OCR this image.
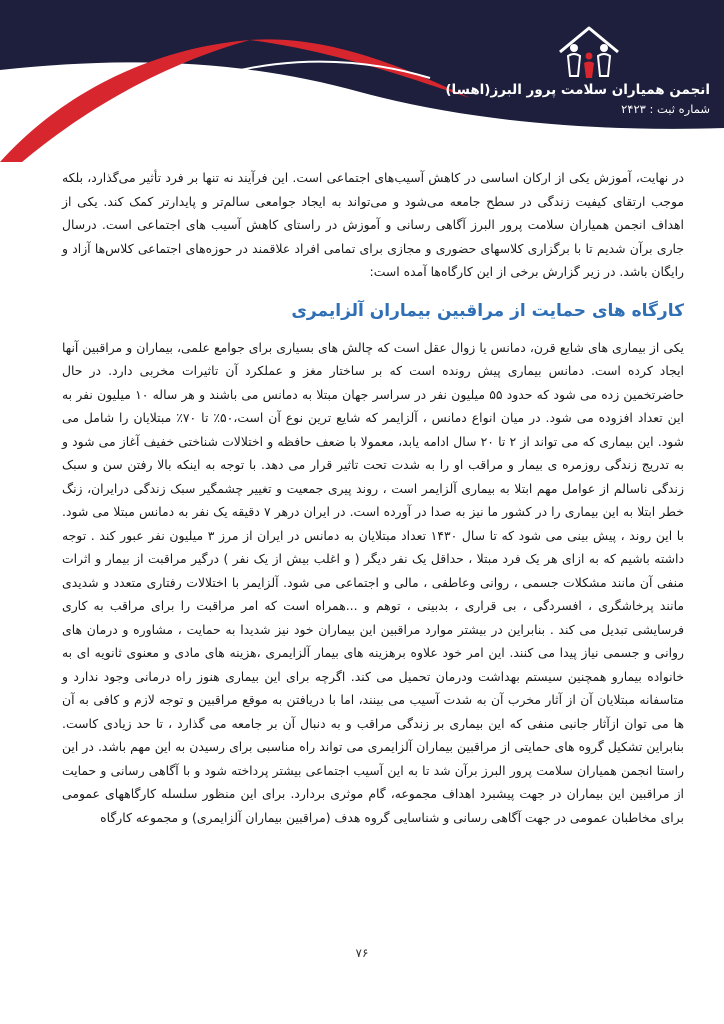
انجمن همیاران سلامت پرور البرز(اهسا)
شماره ثبت : ۲۴۲۳

در نهایت، آموزش یکی از ارکان اساسی در کاهش آسیب‌های اجتماعی است. این فرآیند نه تنها بر فرد تأثیر می‌گذارد، بلکه موجب ارتقای کیفیت زندگی در سطح جامعه می‌شود و می‌تواند به ایجاد جوامعی سالم‌تر و پایدارتر کمک کند. یکی از اهداف انجمن همیاران سلامت پرور البرز آگاهی رسانی و آموزش در راستای کاهش آسیب های اجتماعی است. درسال جاری برآن شدیم تا با برگزاری کلاسهای حضوری و مجازی برای تمامی افراد علاقمند در حوزه‌های اجتماعی کلاس‌ها آزاد و رایگان باشد. در زیر گزارش برخی از این کارگاه‌ها آمده است:

کارگاه های حمایت از مراقبین بیماران آلزایمری

یکی از بیماری های شایع قرن، دمانس یا زوال عقل است که چالش های بسیاری برای جوامع علمی، بیماران و مراقبین آنها ایجاد کرده است. دمانس بیماری پیش رونده است که بر ساختار مغز و عملکرد آن تاثیرات مخربی دارد. در حال حاضرتخمین زده می شود که حدود ۵۵ میلیون نفر در سراسر جهان مبتلا به دمانس می باشند و هر ساله ۱۰ میلیون نفر به این تعداد افزوده می شود. در میان انواع دمانس ، آلزایمر که شایع ترین نوع آن است،۵۰٪ تا ۷۰٪ مبتلایان را شامل می شود. این بیماری که می تواند از ۲ تا ۲۰ سال ادامه یابد، معمولا با ضعف حافظه و اختلالات شناختی خفیف آغاز می شود و به تدریج زندگی روزمره ی بیمار و مراقب او را به شدت تحت تاثیر قرار می دهد. با توجه به اینکه بالا رفتن سن و سبک زندگی ناسالم از عوامل مهم ابتلا به بیماری آلزایمر است ، روند پیری جمعیت و تغییر چشمگیر سبک زندگی درایران، زنگ خطر ابتلا به این بیماری را در کشور ما نیز به صدا در آورده است. در ایران درهر ۷ دقیقه یک نفر به دمانس مبتلا می شود. با این روند ، پیش بینی می شود که تا سال ۱۴۳۰ تعداد مبتلایان به دمانس در ایران از مرز ۳ میلیون نفر عبور کند . توجه داشته باشیم که به ازای هر یک فرد مبتلا ، حداقل یک نفر دیگر ( و اغلب بیش از یک نفر ) درگیر مراقبت از بیمار و اثرات منفی آن مانند مشکلات جسمی ، روانی وعاطفی ، مالی و اجتماعی می شود. آلزایمر با اختلالات رفتاری متعدد و شدیدی مانند پرخاشگری ، افسردگی ، بی قراری ، بدبینی ، توهم و ...همراه است که امر مراقبت را برای مراقب به کاری فرسایشی تبدیل می کند . بنابراین در بیشتر موارد مراقبین این بیماران خود نیز شدیدا به حمایت ، مشاوره و درمان های روانی و جسمی نیاز پیدا می کنند. این امر خود علاوه برهزینه های بیمار آلزایمری ،هزینه های مادی و معنوی ثانویه ای به خانواده بیمارو همچنین سیستم بهداشت ودرمان تحمیل می کند. اگرچه برای این بیماری هنوز راه درمانی وجود ندارد و متاسفانه مبتلایان آن از آثار مخرب آن به شدت آسیب می بینند، اما با دریافتن به موقع مراقبین و توجه لازم و کافی به آن ها می توان ازآثار جانبی منفی که این بیماری بر زندگی مراقب و به دنبال آن بر جامعه می گذارد ، تا حد زیادی کاست. بنابراین تشکیل گروه های حمایتی از مراقبین بیماران آلزایمری می تواند راه مناسبی برای رسیدن به این مهم باشد. در این راستا انجمن همیاران سلامت پرور البرز برآن شد تا به این آسیب اجتماعی بیشتر پرداخته شود و با آگاهی رسانی و حمایت از مراقبین این بیماران در جهت پیشبرد اهداف مجموعه، گام موثری بردارد. برای این منظور سلسله کارگاههای عمومی برای مخاطبان عمومی در جهت آگاهی رسانی و شناسایی گروه هدف (مراقبین بیماران آلزایمری) و مجموعه کارگاه

۷۶
